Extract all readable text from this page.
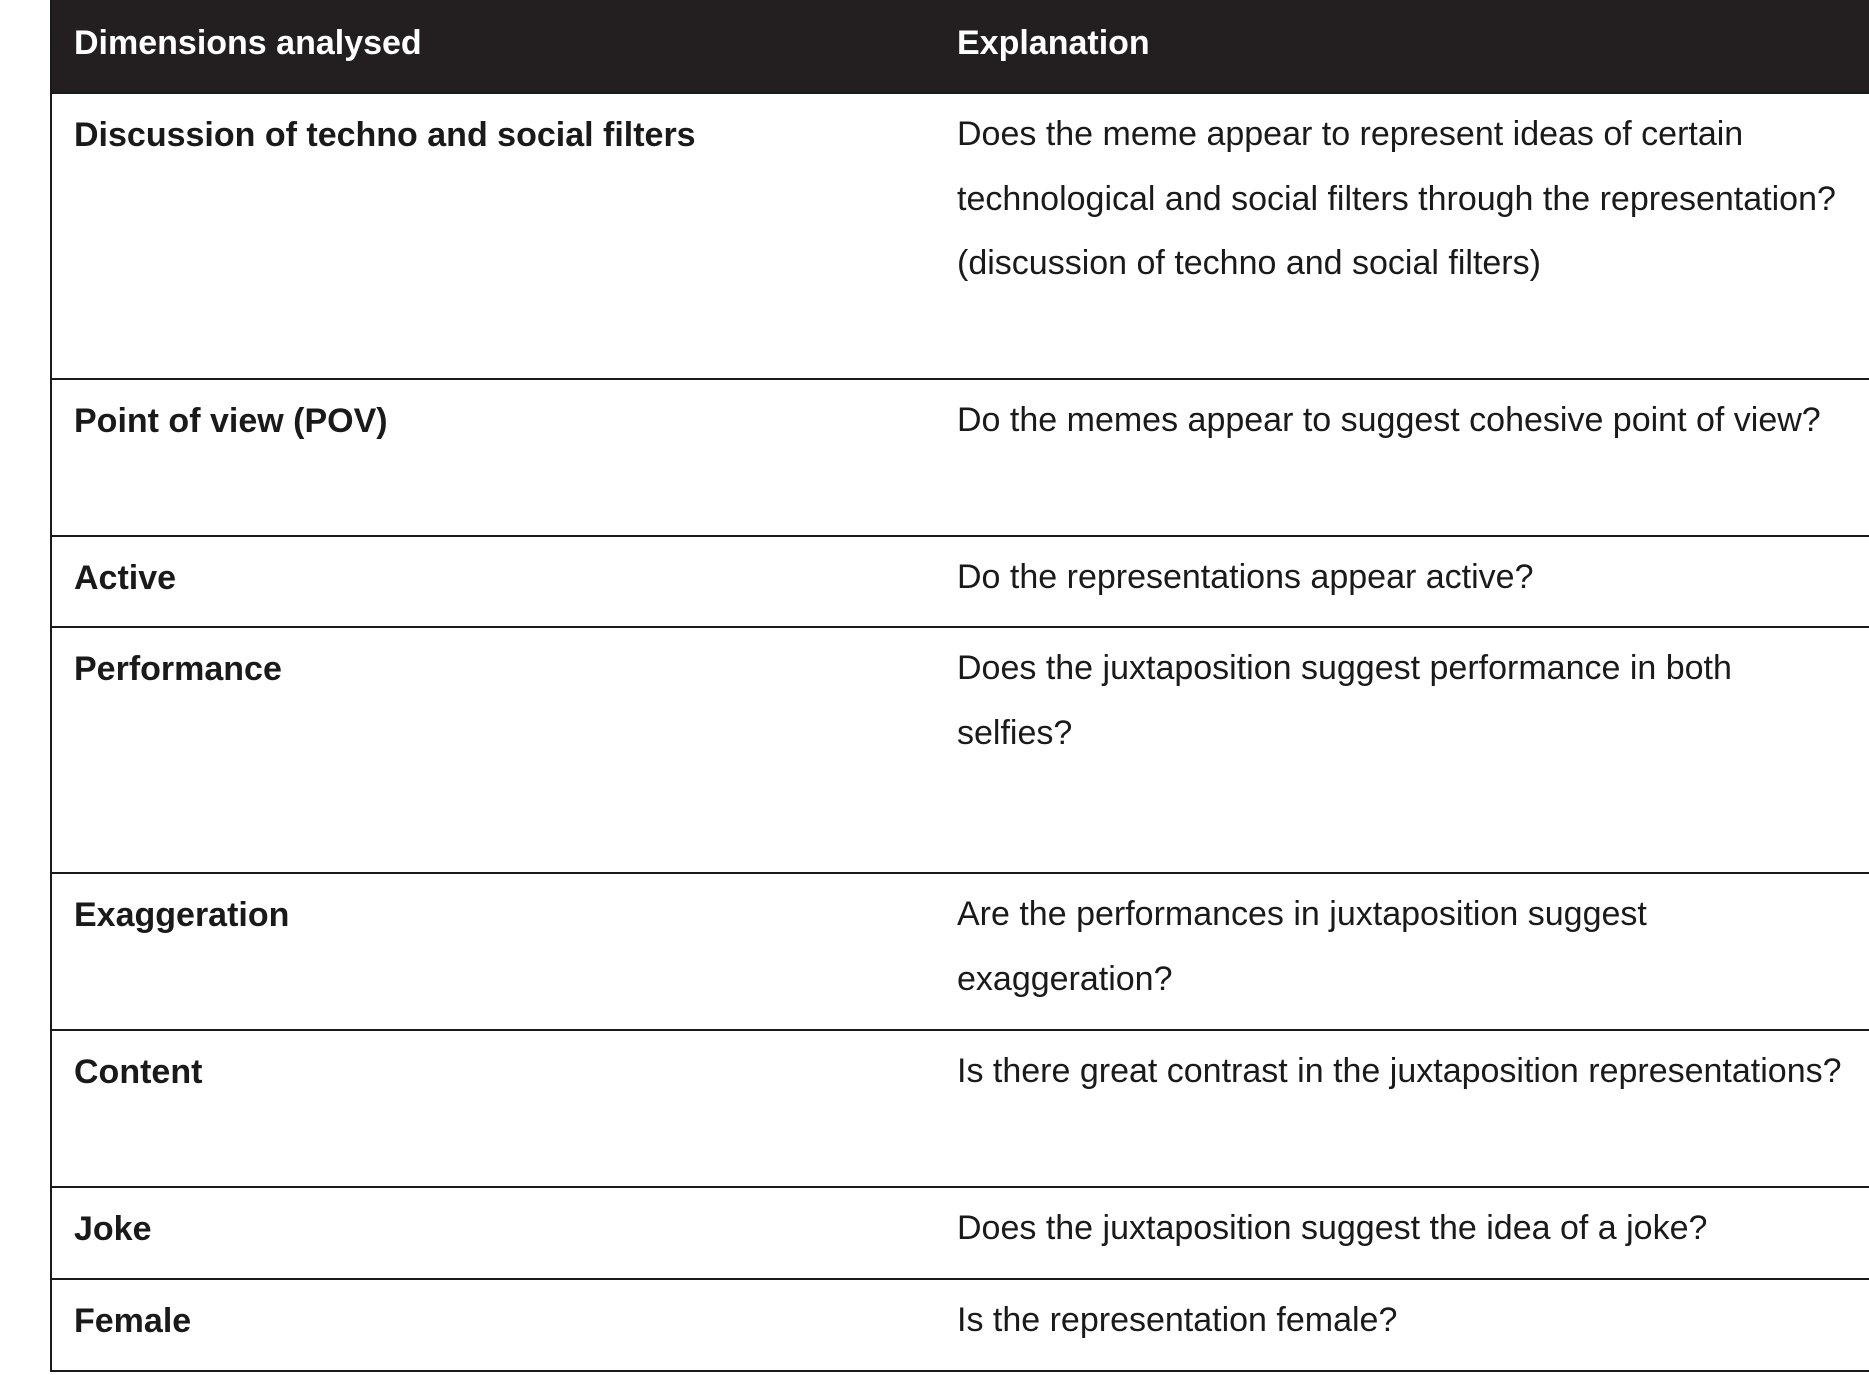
Dimensions analysed	Explanation
Discussion of techno and social filters	Does the meme appear to represent ideas of certain technological and social filters through the representation? (discussion of techno and social filters)
Point of view (POV)	Do the memes appear to suggest cohesive point of view?
Active	Do the representations appear active?
Performance	Does the juxtaposition suggest performance in both selfies?
Exaggeration	Are the performances in juxtaposition suggest exaggeration?
Content	Is there great contrast in the juxtaposition representations?
Joke	Does the juxtaposition suggest the idea of a joke?
Female	Is the representation female?
